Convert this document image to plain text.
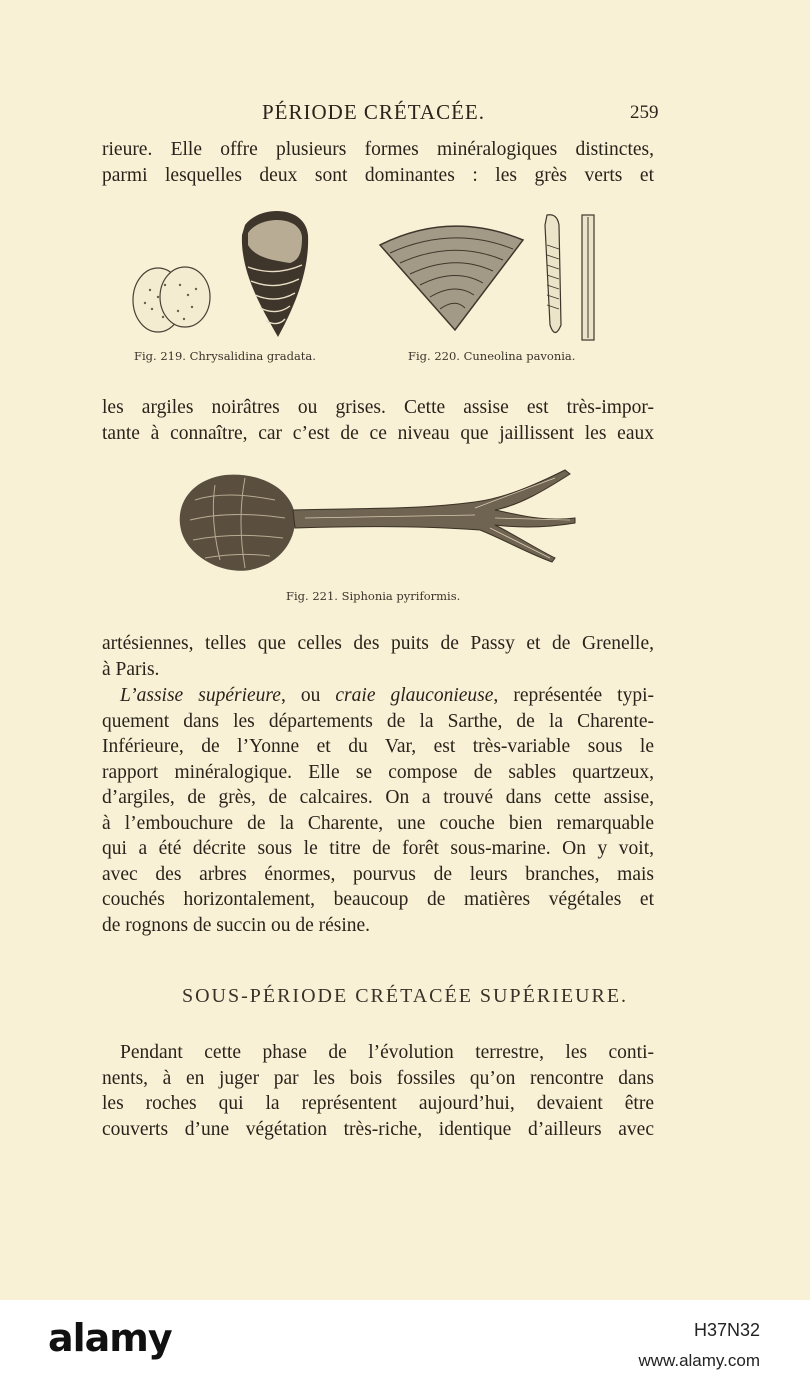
PÉRIODE CRÉTACÉE.	259
rieure. Elle offre plusieurs formes minéralogiques distinctes,
parmi lesquelles deux sont dominantes : les grès verts et
Fig. 219. Chrysalidina gradata.	Fig. 220. Cuneolina pavonia.
les argiles noirâtres ou grises. Cette assise est très-impor-
tante à connaître, car c’est de ce niveau que jaillissent les eaux
Fig. 221. Siphonia pyriformis.
artésiennes, telles que celles des puits de Passy et de Grenelle,
à Paris.
L’assise supérieure, ou craie glauconieuse, représentée typi-
quement dans les départements de la Sarthe, de la Charente-
Inférieure, de l’Yonne et du Var, est très-variable sous le
rapport minéralogique. Elle se compose de sables quartzeux,
d’argiles, de grès, de calcaires. On a trouvé dans cette assise,
à l’embouchure de la Charente, une couche bien remarquable
qui a été décrite sous le titre de forêt sous-marine. On y voit,
avec des arbres énormes, pourvus de leurs branches, mais
couchés horizontalement, beaucoup de matières végétales et
de rognons de succin ou de résine.
SOUS-PÉRIODE CRÉTACÉE SUPÉRIEURE.
Pendant cette phase de l’évolution terrestre, les conti-
nents, à en juger par les bois fossiles qu’on rencontre dans
les roches qui la représentent aujourd’hui, devaient être
couverts d’une végétation très-riche, identique d’ailleurs avec
alamy	H37N32
www.alamy.com
